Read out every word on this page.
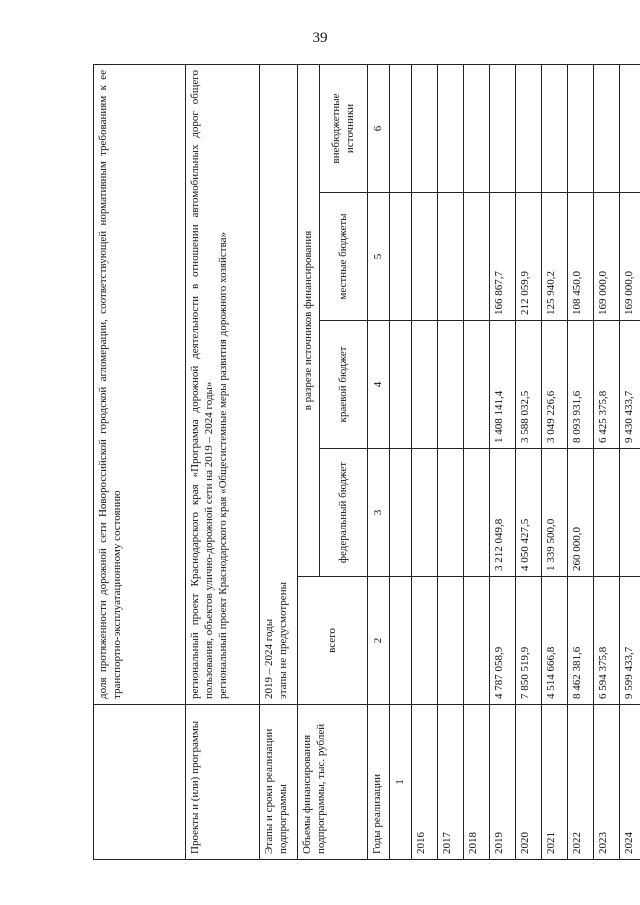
39
	доля протяженности дорожной сети Новороссийской городской агломерации, соответствующей нормативным требованиям к ее транспортно-эксплуатационному состоянию				
Проекты и (или) программы	региональный проект Краснодарского края «Программа дорожной деятельности в отношении автомобильных дорог общего пользования, объектов улично-дорожной сети на 2019 – 2024 годы» региональный проект Краснодарского края «Общесистемные меры развития дорожного хозяйства»				

Этапы и сроки реализации подпрограммы	2019 – 2024 годы этапы не предусмотрены				

Объемы финансирования подпрограммы, тыс. рублей	всего	в разрезе источников финансирования			
		федеральный бюджет	краевой бюджет	местные бюджеты	внебюджетные источники
Годы реализации	2	3	4	5	6
1					
2016					
2017					
2018					
2019	4 787 058,9	3 212 049,8	1 408 141,4	166 867,7	
2020	7 850 519,9	4 050 427,5	3 588 032,5	212 059,9	
2021	4 514 666,8	1 339 500,0	3 049 226,6	125 940,2	
2022	8 462 381,6	260 000,0	8 093 931,6	108 450,0	
2023	6 594 375,8		6 425 375,8	169 000,0	
2024	9 599 433,7		9 430 433,7	169 000,0	
